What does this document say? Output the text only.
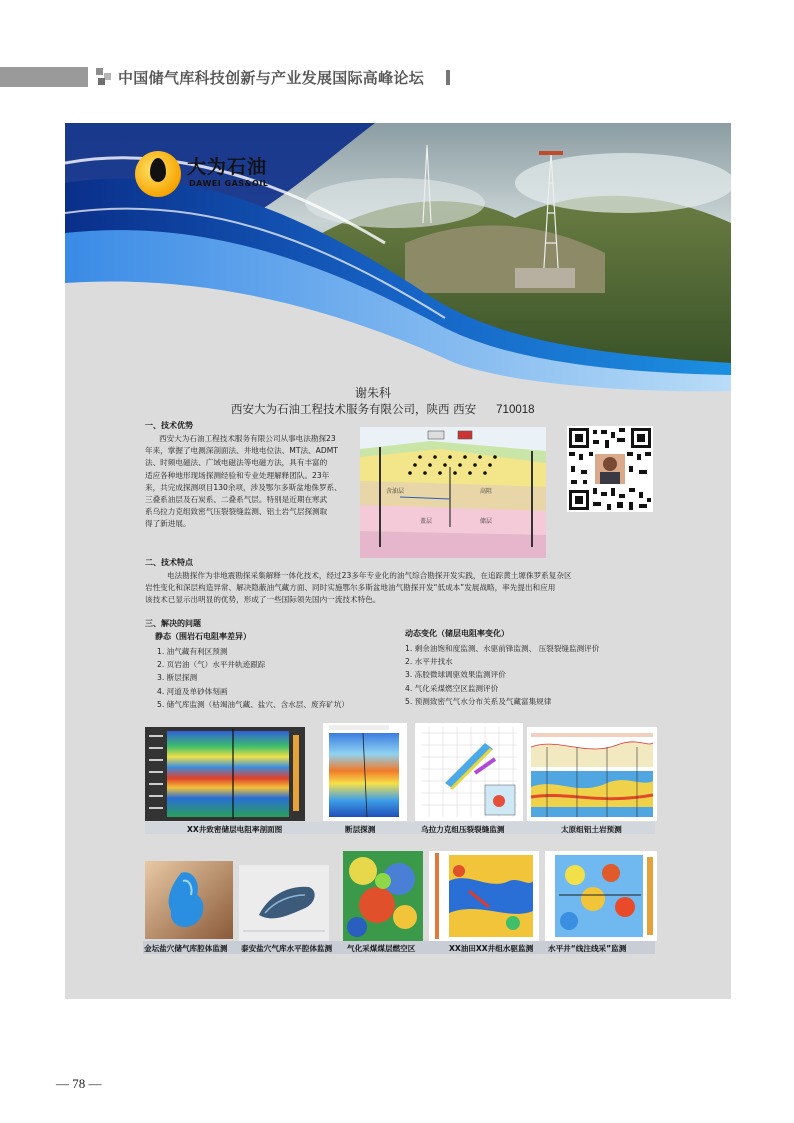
中国储气库科技创新与产业发展国际高峰论坛
大为石油
DAWEI GAS&OIL
谢朱科
西安大为石油工程技术服务有限公司，陕西 西安 710018
一、技术优势
西安大为石油工程技术服务有限公司从事电法勘探23
年来，掌握了电测深剖面法、井地电位法、MT法、ADMT
法、时频电磁法、广域电磁法等电磁方法，具有丰富的
适应各种地形现场探测经验和专业处理解释团队。23年
来，共完成探测项目130余项，涉及鄂尔多斯盆地侏罗系、
三叠系油层及石炭系、二叠系气层。特别是近期在寒武
系乌拉力克组致密气压裂裂缝监测、铝土岩气层探测取
得了新进展。
含油层	高阻
盖层	储层
二、技术特点
电法勘探作为非地震勘探采集解释一体化技术，经过23多年专业化的油气综合勘探开发实践，在追踪黄土塬侏罗系复杂区
岩性变化和深层构造异常、解决隐蔽油气藏方面、同时实施鄂尔多斯盆地油气勘探开发“低成本”发展战略，率先提出和应用
该技术已显示出明显的优势，形成了一些国际领先国内一流技术特色。
三、解决的问题
静态（围岩石电阻率差异）
1. 油气藏有利区预测
2. 页岩油（气）水平井轨迹跟踪
3. 断层探测
4. 河道及单砂体刻画
5. 储气库监测（枯竭油气藏、盐穴、含水层、废弃矿坑）
动态变化（储层电阻率变化）
1. 剩余油饱和度监测、水驱前锋监测、 压裂裂缝监测评价
2. 水平井找水
3. 冻胶微球调驱效果监测评价
4. 气化采煤燃空区监测评价
5. 预测致密气气水分布关系及气藏富集规律
XX井致密储层电阻率剖面图	断层探测	乌拉力克组压裂裂缝监测	太原组铝土岩预测
金坛盐穴储气库腔体监测 泰安盐穴气库水平腔体监测 气化采煤煤层燃空区	XX油田XX井组水驱监测 水平井“线注线采”监测
— 78 —
